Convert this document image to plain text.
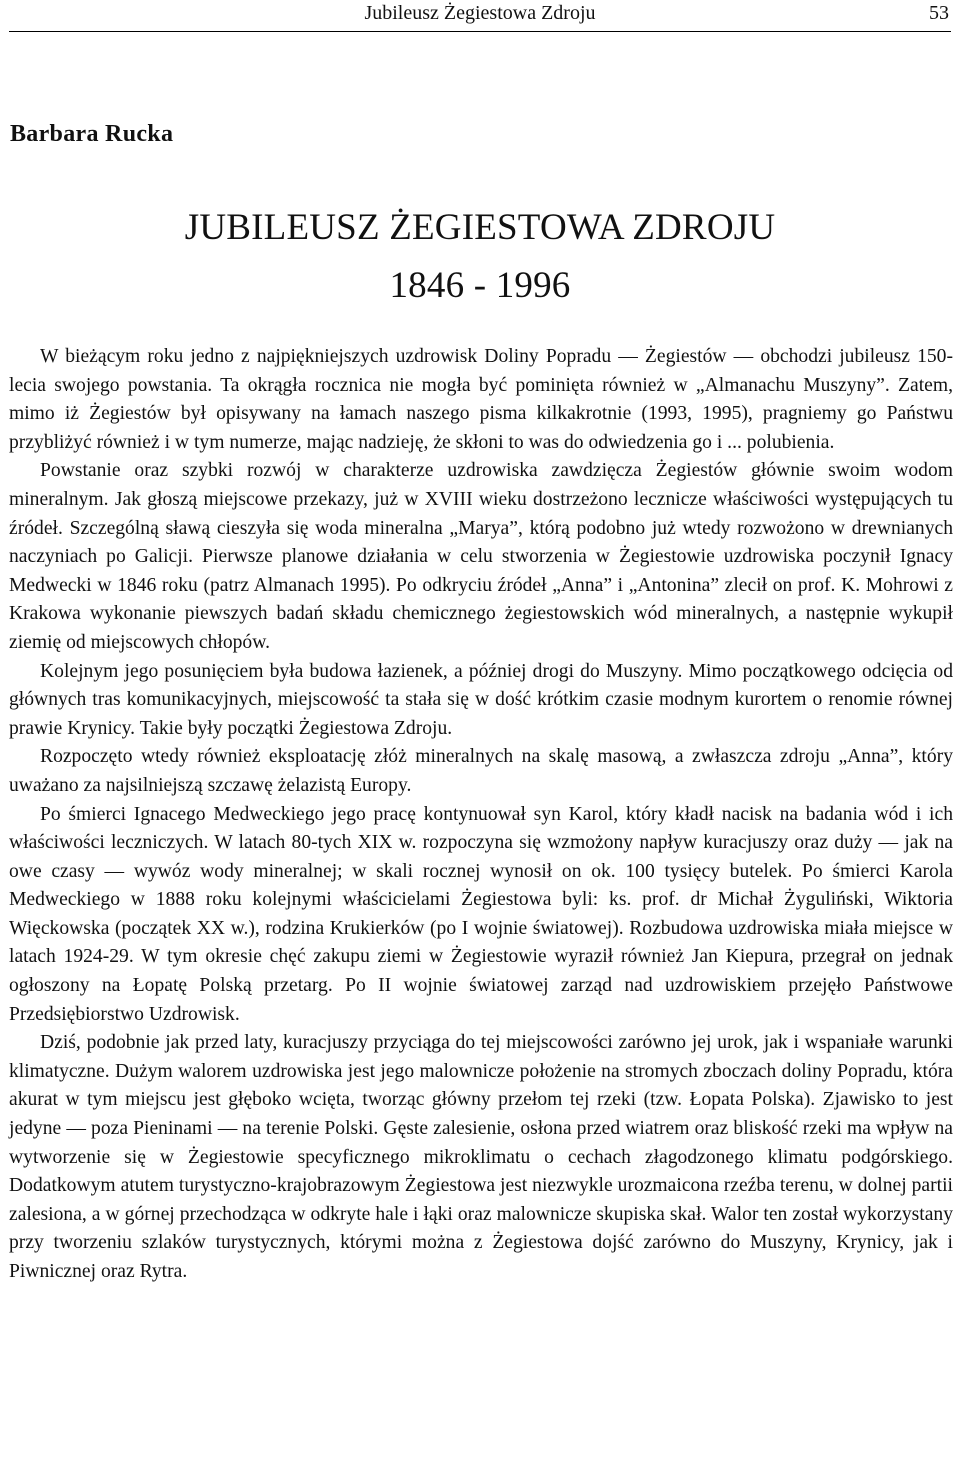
Jubileusz Żegiestowa Zdroju	53
Barbara Rucka
JUBILEUSZ ŻEGIESTOWA ZDROJU
1846 - 1996

W bieżącym roku jedno z najpiękniejszych uzdrowisk Doliny Popradu — Żegiestów — obchodzi jubileusz 150-lecia swojego powstania. Ta okrągła rocznica nie mogła być pominięta również w „Almanachu Muszyny”. Zatem, mimo iż Żegiestów był opisywany na łamach naszego pisma kilkakrotnie (1993, 1995), pragniemy go Państwu przybliżyć również i w tym numerze, mając nadzieję, że skłoni to was do odwiedzenia go i ... polubienia.

Powstanie oraz szybki rozwój w charakterze uzdrowiska zawdzięcza Żegiestów głównie swoim wodom mineralnym. Jak głoszą miejscowe przekazy, już w XVIII wieku dostrzeżono lecznicze właściwości występujących tu źródeł. Szczególną sławą cieszyła się woda mineralna „Marya”, którą podobno już wtedy rozwożono w drewnianych naczyniach po Galicji. Pierwsze planowe działania w celu stworzenia w Żegiestowie uzdrowiska poczynił Ignacy Medwecki w 1846 roku (patrz Almanach 1995). Po odkryciu źródeł „Anna” i „Antonina” zlecił on prof. K. Mohrowi z Krakowa wykonanie piewszych badań składu chemicznego żegiestowskich wód mineralnych, a następnie wykupił ziemię od miejscowych chłopów.

Kolejnym jego posunięciem była budowa łazienek, a później drogi do Muszyny. Mimo początkowego odcięcia od głównych tras komunikacyjnych, miejscowość ta stała się w dość krótkim czasie modnym kurortem o renomie równej prawie Krynicy. Takie były początki Żegiestowa Zdroju.

Rozpoczęto wtedy również eksploatację złóż mineralnych na skalę masową, a zwłaszcza zdroju „Anna”, który uważano za najsilniejszą szczawę żelazistą Europy.

Po śmierci Ignacego Medweckiego jego pracę kontynuował syn Karol, który kładł nacisk na badania wód i ich właściwości leczniczych. W latach 80-tych XIX w. rozpoczyna się wzmożony napływ kuracjuszy oraz duży — jak na owe czasy — wywóz wody mineralnej; w skali rocznej wynosił on ok. 100 tysięcy butelek. Po śmierci Karola Medweckiego w 1888 roku kolejnymi właścicielami Żegiestowa byli: ks. prof. dr Michał Żyguliński, Wiktoria Więckowska (początek XX w.), rodzina Krukierków (po I wojnie światowej). Rozbudowa uzdrowiska miała miejsce w latach 1924-29. W tym okresie chęć zakupu ziemi w Żegiestowie wyraził również Jan Kiepura, przegrał on jednak ogłoszony na Łopatę Polską przetarg. Po II wojnie światowej zarząd nad uzdrowiskiem przejęło Państwowe Przedsiębiorstwo Uzdrowisk.

Dziś, podobnie jak przed laty, kuracjuszy przyciąga do tej miejscowości zarówno jej urok, jak i wspaniałe warunki klimatyczne. Dużym walorem uzdrowiska jest jego malownicze położenie na stromych zboczach doliny Popradu, która akurat w tym miejscu jest głęboko wcięta, tworząc główny przełom tej rzeki (tzw. Łopata Polska). Zjawisko to jest jedyne — poza Pieninami — na terenie Polski. Gęste zalesienie, osłona przed wiatrem oraz bliskość rzeki ma wpływ na wytworzenie się w Żegiestowie specyficznego mikroklimatu o cechach złagodzonego klimatu podgórskiego. Dodatkowym atutem turystyczno-krajobrazowym Żegiestowa jest niezwykle urozmaicona rzeźba terenu, w dolnej partii zalesiona, a w górnej przechodząca w odkryte hale i łąki oraz malownicze skupiska skał. Walor ten został wykorzystany przy tworzeniu szlaków turystycznych, którymi można z Żegiestowa dojść zarówno do Muszyny, Krynicy, jak i Piwnicznej oraz Rytra.
